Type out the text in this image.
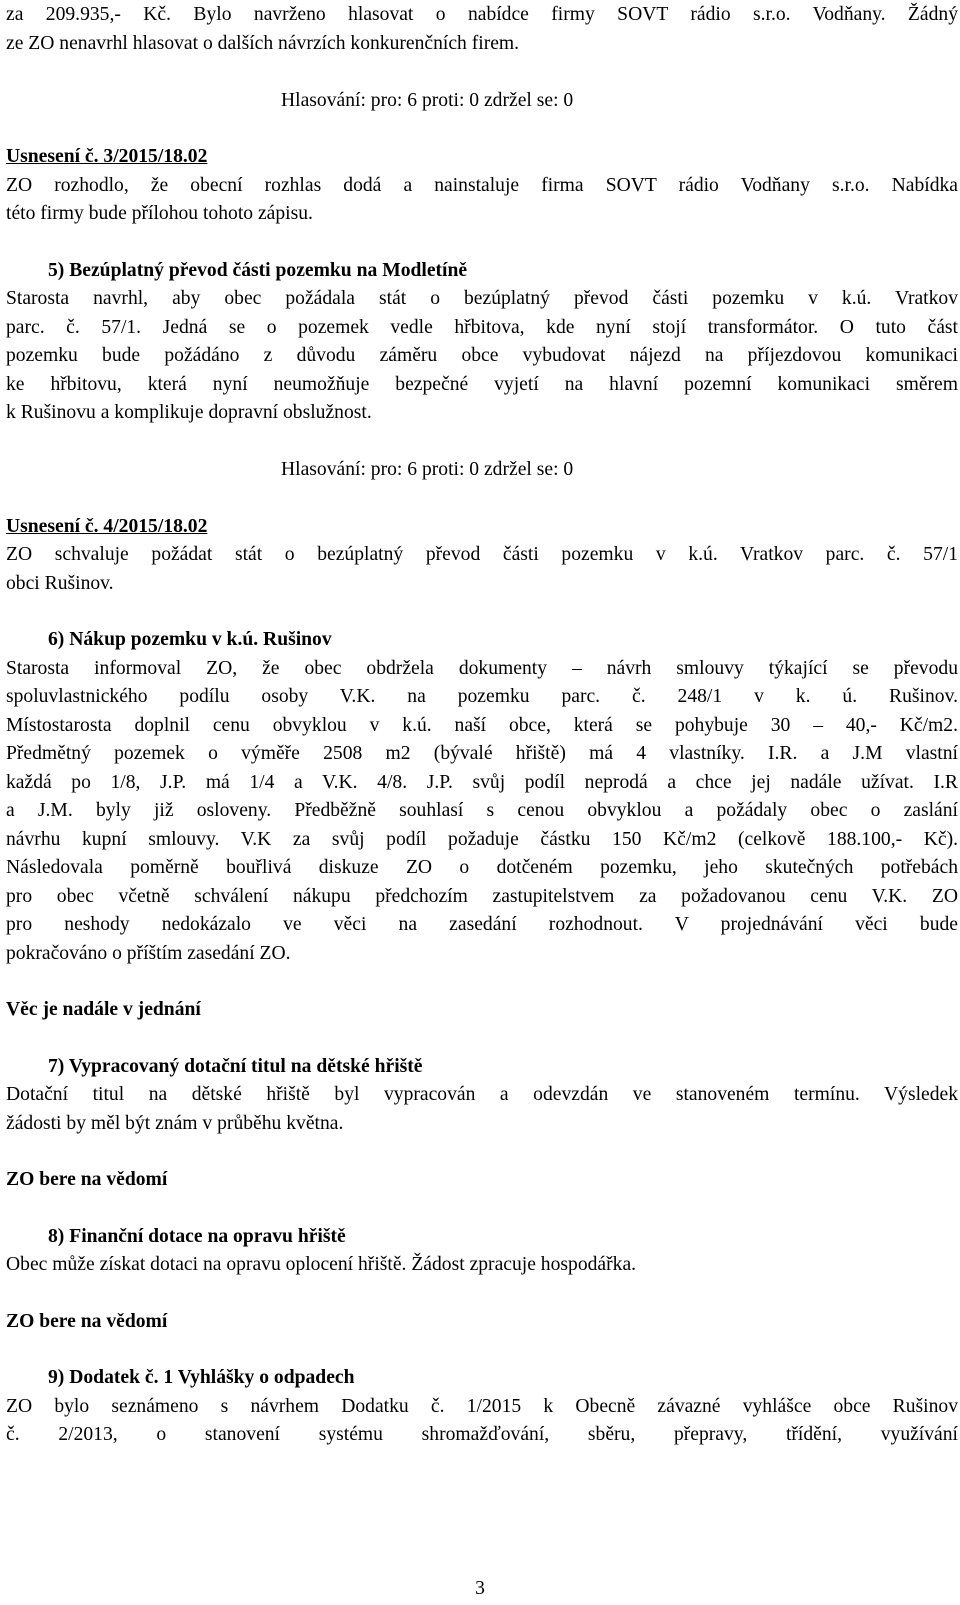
za 209.935,- Kč. Bylo navrženo hlasovat o nabídce firmy SOVT rádio s.r.o. Vodňany. Žádný
ze ZO nenavrhl hlasovat o dalších návrzích konkurenčních firem.
Hlasování: pro: 6 proti: 0 zdržel se: 0
Usnesení č. 3/2015/18.02
ZO rozhodlo, že obecní rozhlas dodá a nainstaluje firma SOVT rádio Vodňany s.r.o. Nabídka
této firmy bude přílohou tohoto zápisu.
5) Bezúplatný převod části pozemku na Modletíně
Starosta navrhl, aby obec požádala stát o bezúplatný převod části pozemku v k.ú. Vratkov
parc. č. 57/1. Jedná se o pozemek vedle hřbitova, kde nyní stojí transformátor. O tuto část
pozemku bude požádáno z důvodu záměru obce vybudovat nájezd na příjezdovou komunikaci
ke hřbitovu, která nyní neumožňuje bezpečné vyjetí na hlavní pozemní komunikaci směrem
k Rušinovu a komplikuje dopravní obslužnost.
Hlasování: pro: 6 proti: 0 zdržel se: 0
Usnesení č. 4/2015/18.02
ZO schvaluje požádat stát o bezúplatný převod části pozemku v k.ú. Vratkov parc. č. 57/1
obci Rušinov.
6) Nákup pozemku v k.ú. Rušinov
Starosta informoval ZO, že obec obdržela dokumenty – návrh smlouvy týkající se převodu
spoluvlastnického podílu osoby V.K. na pozemku parc. č. 248/1 v k. ú. Rušinov.
Místostarosta doplnil cenu obvyklou v k.ú. naší obce, která se pohybuje 30 – 40,- Kč/m2.
Předmětný pozemek o výměře 2508 m2 (bývalé hřiště) má 4 vlastníky. I.R. a J.M vlastní
každá po 1/8, J.P. má 1/4 a V.K. 4/8. J.P. svůj podíl neprodá a chce jej nadále užívat. I.R
a J.M. byly již osloveny. Předběžně souhlasí s cenou obvyklou a požádaly obec o zaslání
návrhu kupní smlouvy. V.K za svůj podíl požaduje částku 150 Kč/m2 (celkově 188.100,- Kč).
Následovala poměrně bouřlivá diskuze ZO o dotčeném pozemku, jeho skutečných potřebách
pro obec včetně schválení nákupu předchozím zastupitelstvem za požadovanou cenu V.K. ZO
pro neshody nedokázalo ve věci na zasedání rozhodnout. V projednávání věci bude
pokračováno o příštím zasedání ZO.
Věc je nadále v jednání
7) Vypracovaný dotační titul na dětské hřiště
Dotační titul na dětské hřiště byl vypracován a odevzdán ve stanoveném termínu. Výsledek
žádosti by měl být znám v průběhu května.
ZO bere na vědomí
8) Finanční dotace na opravu hřiště
Obec může získat dotaci na opravu oplocení hřiště. Žádost zpracuje hospodářka.
ZO bere na vědomí
9) Dodatek č. 1 Vyhlášky o odpadech
ZO bylo seznámeno s návrhem Dodatku č. 1/2015 k Obecně závazné vyhlášce obce Rušinov
č. 2/2013, o stanovení systému shromažďování, sběru, přepravy, třídění, využívání
3
